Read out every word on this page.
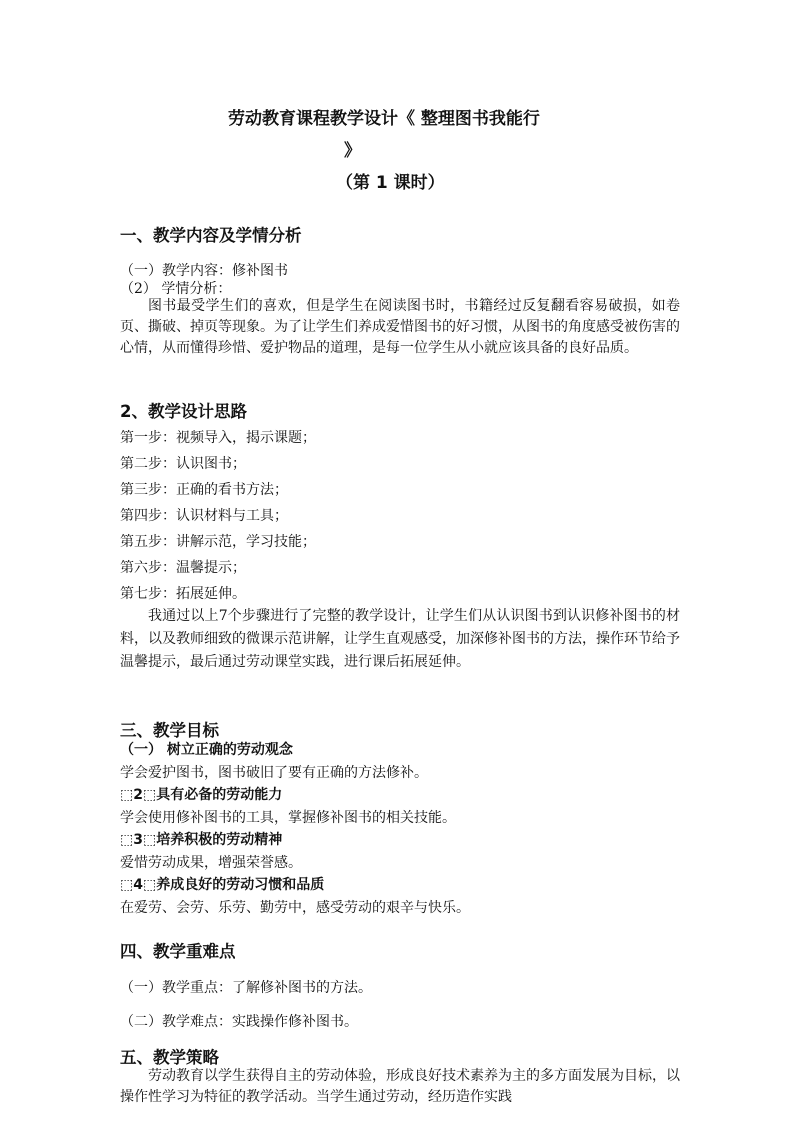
劳动教育课程教学设计《 整理图书我能行
》
（第 1 课时）
一、教学内容及学情分析
（一）教学内容：修补图书
（2） 学情分析：

图书最受学生们的喜欢，但是学生在阅读图书时，书籍经过反复翻看容易破损，如卷页、撕破、掉页等现象。为了让学生们养成爱惜图书的好习惯，从图书的角度感受被伤害的心情，从而懂得珍惜、爱护物品的道理，是每一位学生从小就应该具备的良好品质。

2、教学设计思路
第一步：视频导入，揭示课题；
第二步：认识图书；
第三步：正确的看书方法；
第四步：认识材料与工具；
第五步：讲解示范，学习技能；
第六步：温馨提示；
第七步：拓展延伸。

我通过以上7个步骤进行了完整的教学设计，让学生们从认识图书到认识修补图书的材料，以及教师细致的微课示范讲解，让学生直观感受，加深修补图书的方法，操作环节给予温馨提示，最后通过劳动课堂实践，进行课后拓展延伸。

三、教学目标
（一） 树立正确的劳动观念
学会爱护图书，图书破旧了要有正确的方法修补。
⬚2⬚具有必备的劳动能力
学会使用修补图书的工具，掌握修补图书的相关技能。
⬚3⬚培养积极的劳动精神
爱惜劳动成果，增强荣誉感。
⬚4⬚养成良好的劳动习惯和品质
在爱劳、会劳、乐劳、勤劳中，感受劳动的艰辛与快乐。
四、教学重难点
（一）教学重点：了解修补图书的方法。
（二）教学难点：实践操作修补图书。
五、教学策略

劳动教育以学生获得自主的劳动体验，形成良好技术素养为主的多方面发展为目标，以操作性学习为特征的教学活动。当学生通过劳动，经历造作实践
